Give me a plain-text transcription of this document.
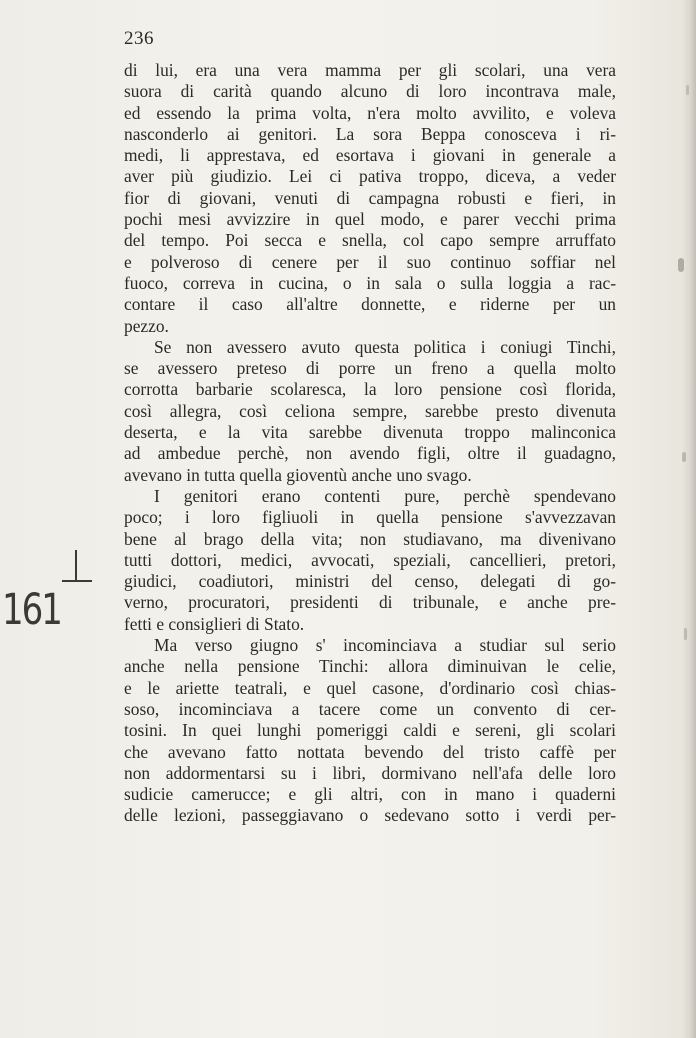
236
di lui, era una vera mamma per gli scolari, una vera
suora di carità quando alcuno di loro incontrava male,
ed essendo la prima volta, n'era molto avvilito, e voleva
nasconderlo ai genitori. La sora Beppa conosceva i ri-
medi, li apprestava, ed esortava i giovani in generale a
aver più giudizio. Lei ci pativa troppo, diceva, a veder
fior di giovani, venuti di campagna robusti e fieri, in
pochi mesi avvizzire in quel modo, e parer vecchi prima
del tempo. Poi secca e snella, col capo sempre arruffato
e polveroso di cenere per il suo continuo soffiar nel
fuoco, correva in cucina, o in sala o sulla loggia a rac-
contare il caso all'altre donnette, e riderne per un
pezzo.
Se non avessero avuto questa politica i coniugi Tinchi,
se avessero preteso di porre un freno a quella molto
corrotta barbarie scolaresca, la loro pensione così florida,
così allegra, così celiona sempre, sarebbe presto divenuta
deserta, e la vita sarebbe divenuta troppo malinconica
ad ambedue perchè, non avendo figli, oltre il guadagno,
avevano in tutta quella gioventù anche uno svago.
I genitori erano contenti pure, perchè spendevano
poco; i loro figliuoli in quella pensione s'avvezzavan
bene al brago della vita; non studiavano, ma divenivano
tutti dottori, medici, avvocati, speziali, cancellieri, pretori,
giudici, coadiutori, ministri del censo, delegati di go-
verno, procuratori, presidenti di tribunale, e anche pre-
fetti e consiglieri di Stato.
Ma verso giugno s' incominciava a studiar sul serio
anche nella pensione Tinchi: allora diminuivan le celie,
e le ariette teatrali, e quel casone, d'ordinario così chias-
soso, incominciava a tacere come un convento di cer-
tosini. In quei lunghi pomeriggi caldi e sereni, gli scolari
che avevano fatto nottata bevendo del tristo caffè per
non addormentarsi su i libri, dormivano nell'afa delle loro
sudicie camerucce; e gli altri, con in mano i quaderni
delle lezioni, passeggiavano o sedevano sotto i verdi per-
161
